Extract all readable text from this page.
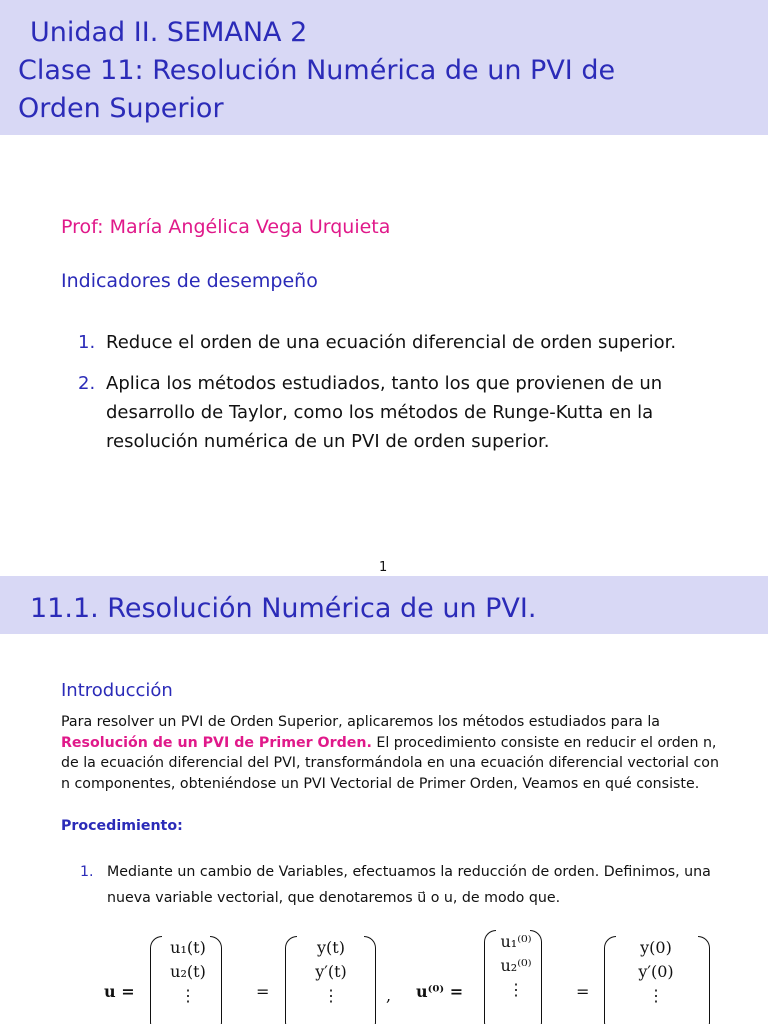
Unidad II. SEMANA 2
Clase 11: Resolución Numérica de un PVI de
Orden Superior
Prof: María Angélica Vega Urquieta
Indicadores de desempeño
1. Reduce el orden de una ecuación diferencial de orden superior.
2. Aplica los métodos estudiados, tanto los que provienen de un desarrollo de Taylor, como los métodos de Runge-Kutta en la resolución numérica de un PVI de orden superior.
1
11.1. Resolución Numérica de un PVI.
Introducción
Para resolver un PVI de Orden Superior, aplicaremos los métodos estudiados para la Resolución de un PVI de Primer Orden. El procedimiento consiste en reducir el orden n, de la ecuación diferencial del PVI, transformándola en una ecuación diferencial vectorial con n componentes, obteniéndose un PVI Vectorial de Primer Orden, Veamos en qué consiste.
Procedimiento:
1. Mediante un cambio de Variables, efectuamos la reducción de orden. Definimos, una nueva variable vectorial, que denotaremos u⃗ o u, de modo que.
u =
u₁(t)
u₂(t)
⋮	=
y(t)
y′(t)
⋮	, u⁽⁰⁾ =
u₁⁽⁰⁾
u₂⁽⁰⁾
⋮	=
y(0)
y′(0)
⋮
